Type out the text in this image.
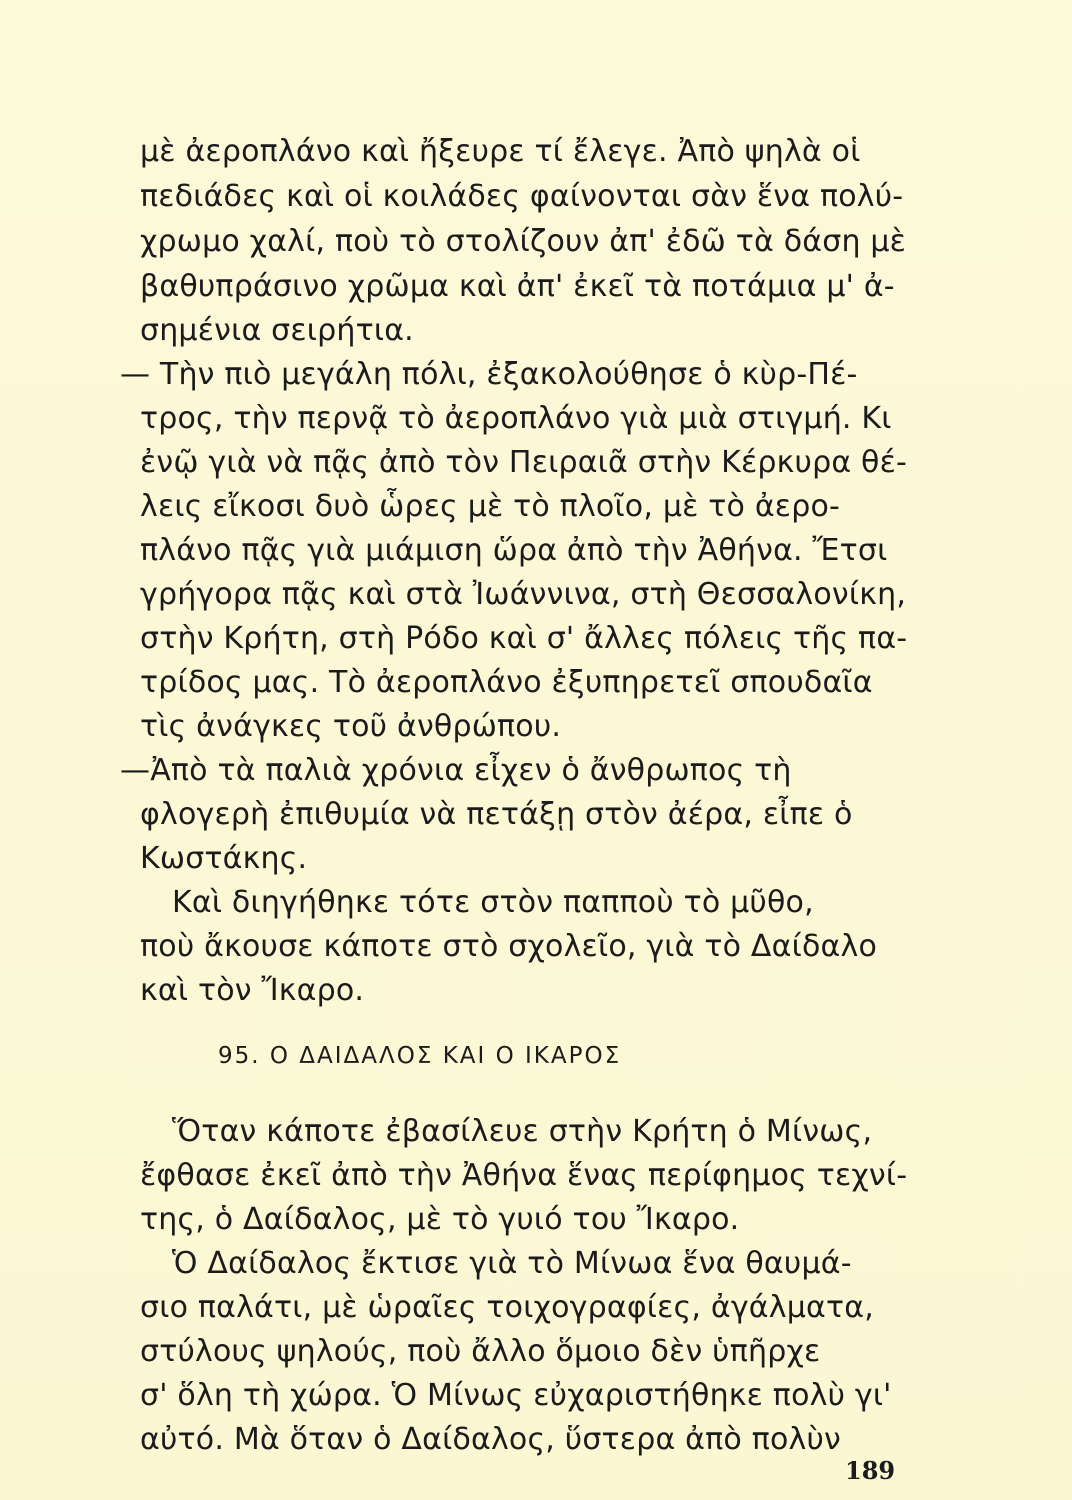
μὲ ἀεροπλάνο καὶ ἤξευρε τί ἔλεγε. Ἀπὸ ψηλὰ οἱ
πεδιάδες καὶ οἱ κοιλάδες φαίνονται σὰν ἕνα πολύ-
χρωμο χαλί, ποὺ τὸ στολίζουν ἀπ' ἐδῶ τὰ δάση μὲ
βαθυπράσινο χρῶμα καὶ ἀπ' ἐκεῖ τὰ ποτάμια μ' ἀ-
σημένια σειρήτια.
— Τὴν πιὸ μεγάλη πόλι, ἐξακολούθησε ὁ κὺρ-Πέ-
τρος, τὴν περνᾷ τὸ ἀεροπλάνο γιὰ μιὰ στιγμή. Κι
ἐνῷ γιὰ νὰ πᾷς ἀπὸ τὸν Πειραιᾶ στὴν Κέρκυρα θέ-
λεις εἴκοσι δυὸ ὧρες μὲ τὸ πλοῖο, μὲ τὸ ἀερο-
πλάνο πᾷς γιὰ μιάμιση ὥρα ἀπὸ τὴν Ἀθήνα. Ἔτσι
γρήγορα πᾷς καὶ στὰ Ἰωάννινα, στὴ Θεσσαλονίκη,
στὴν Κρήτη, στὴ Ρόδο καὶ σ' ἄλλες πόλεις τῆς πα-
τρίδος μας. Τὸ ἀεροπλάνο ἐξυπηρετεῖ σπουδαῖα
τὶς ἀνάγκες τοῦ ἀνθρώπου.
—Ἀπὸ τὰ παλιὰ χρόνια εἶχεν ὁ ἄνθρωπος τὴ
φλογερὴ ἐπιθυμία νὰ πετάξῃ στὸν ἀέρα, εἶπε ὁ
Κωστάκης.
Καὶ διηγήθηκε τότε στὸν παπποὺ τὸ μῦθο,
ποὺ ἄκουσε κάποτε στὸ σχολεῖο, γιὰ τὸ Δαίδαλο
καὶ τὸν Ἴκαρο.
95. Ο ΔΑΙΔΑΛΟΣ ΚΑΙ Ο ΙΚΑΡΟΣ
Ὅταν κάποτε ἐβασίλευε στὴν Κρήτη ὁ Μίνως,
ἔφθασε ἐκεῖ ἀπὸ τὴν Ἀθήνα ἕνας περίφημος τεχνί-
της, ὁ Δαίδαλος, μὲ τὸ γυιό του Ἴκαρο.
Ὁ Δαίδαλος ἔκτισε γιὰ τὸ Μίνωα ἕνα θαυμά-
σιο παλάτι, μὲ ὡραῖες τοιχογραφίες, ἀγάλματα,
στύλους ψηλούς, ποὺ ἄλλο ὅμοιο δὲν ὑπῆρχε
σ' ὅλη τὴ χώρα. Ὁ Μίνως εὐχαριστήθηκε πολὺ γι'
αὐτό. Μὰ ὅταν ὁ Δαίδαλος, ὕστερα ἀπὸ πολὺν
189
